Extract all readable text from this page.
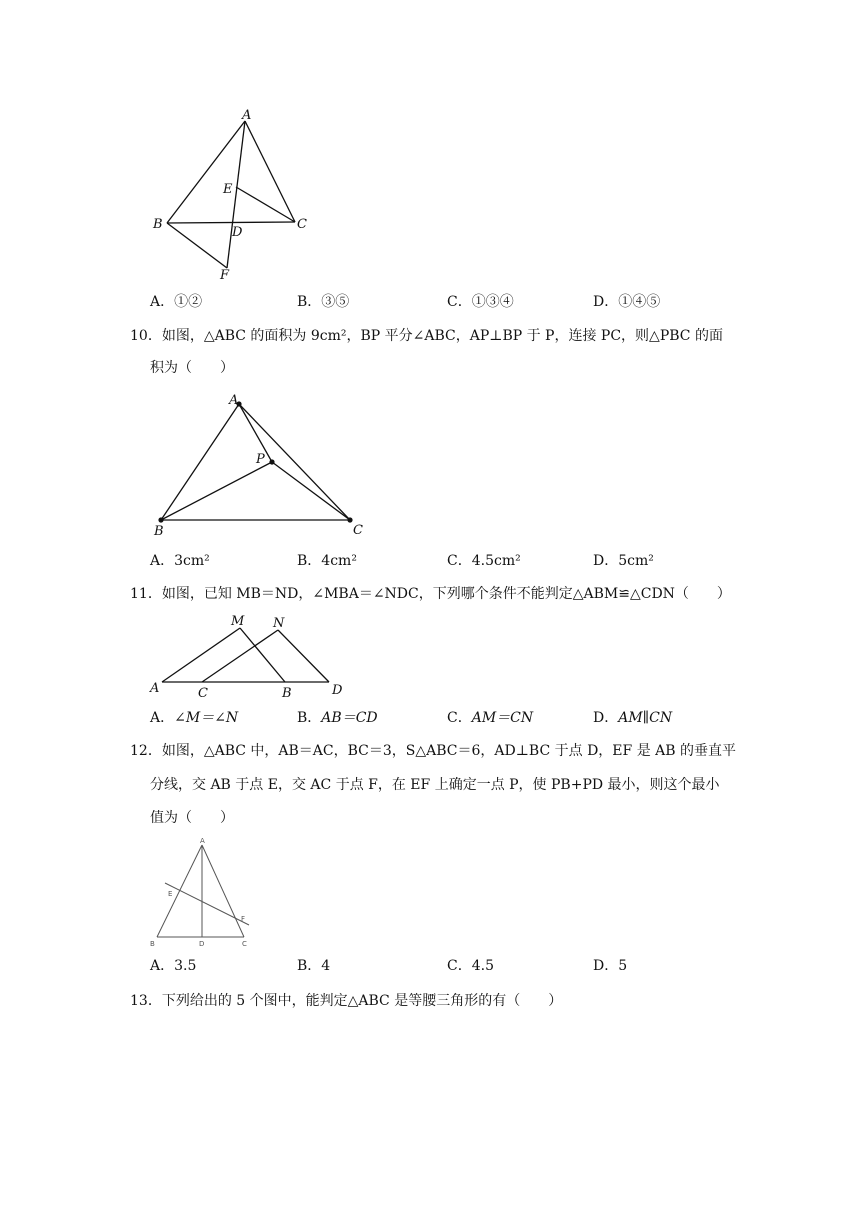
A
B	C
D
E
F
A．①②	B．③⑤	C．①③④	D．①④⑤
10．如图，△ABC 的面积为 9cm²，BP 平分∠ABC，AP⊥BP 于 P，连接 PC，则△PBC 的面
积为（　　）
A
B	C
P
A．3cm²	B．4cm²	C．4.5cm²	D．5cm²
11．如图，已知 MB＝ND，∠MBA＝∠NDC，下列哪个条件不能判定△ABM≌△CDN（　　）
A	C	B	D
M N
A．∠M＝∠N	B．AB＝CD	C．AM＝CN	D．AM∥CN
12．如图，△ABC 中，AB＝AC，BC＝3，S△ABC＝6，AD⊥BC 于点 D，EF 是 AB 的垂直平
分线，交 AB 于点 E，交 AC 于点 F，在 EF 上确定一点 P，使 PB+PD 最小，则这个最小
值为（　　）
A
B	D	C
E
F
A．3.5	B．4	C．4.5	D．5
13．下列给出的 5 个图中，能判定△ABC 是等腰三角形的有（　　）
